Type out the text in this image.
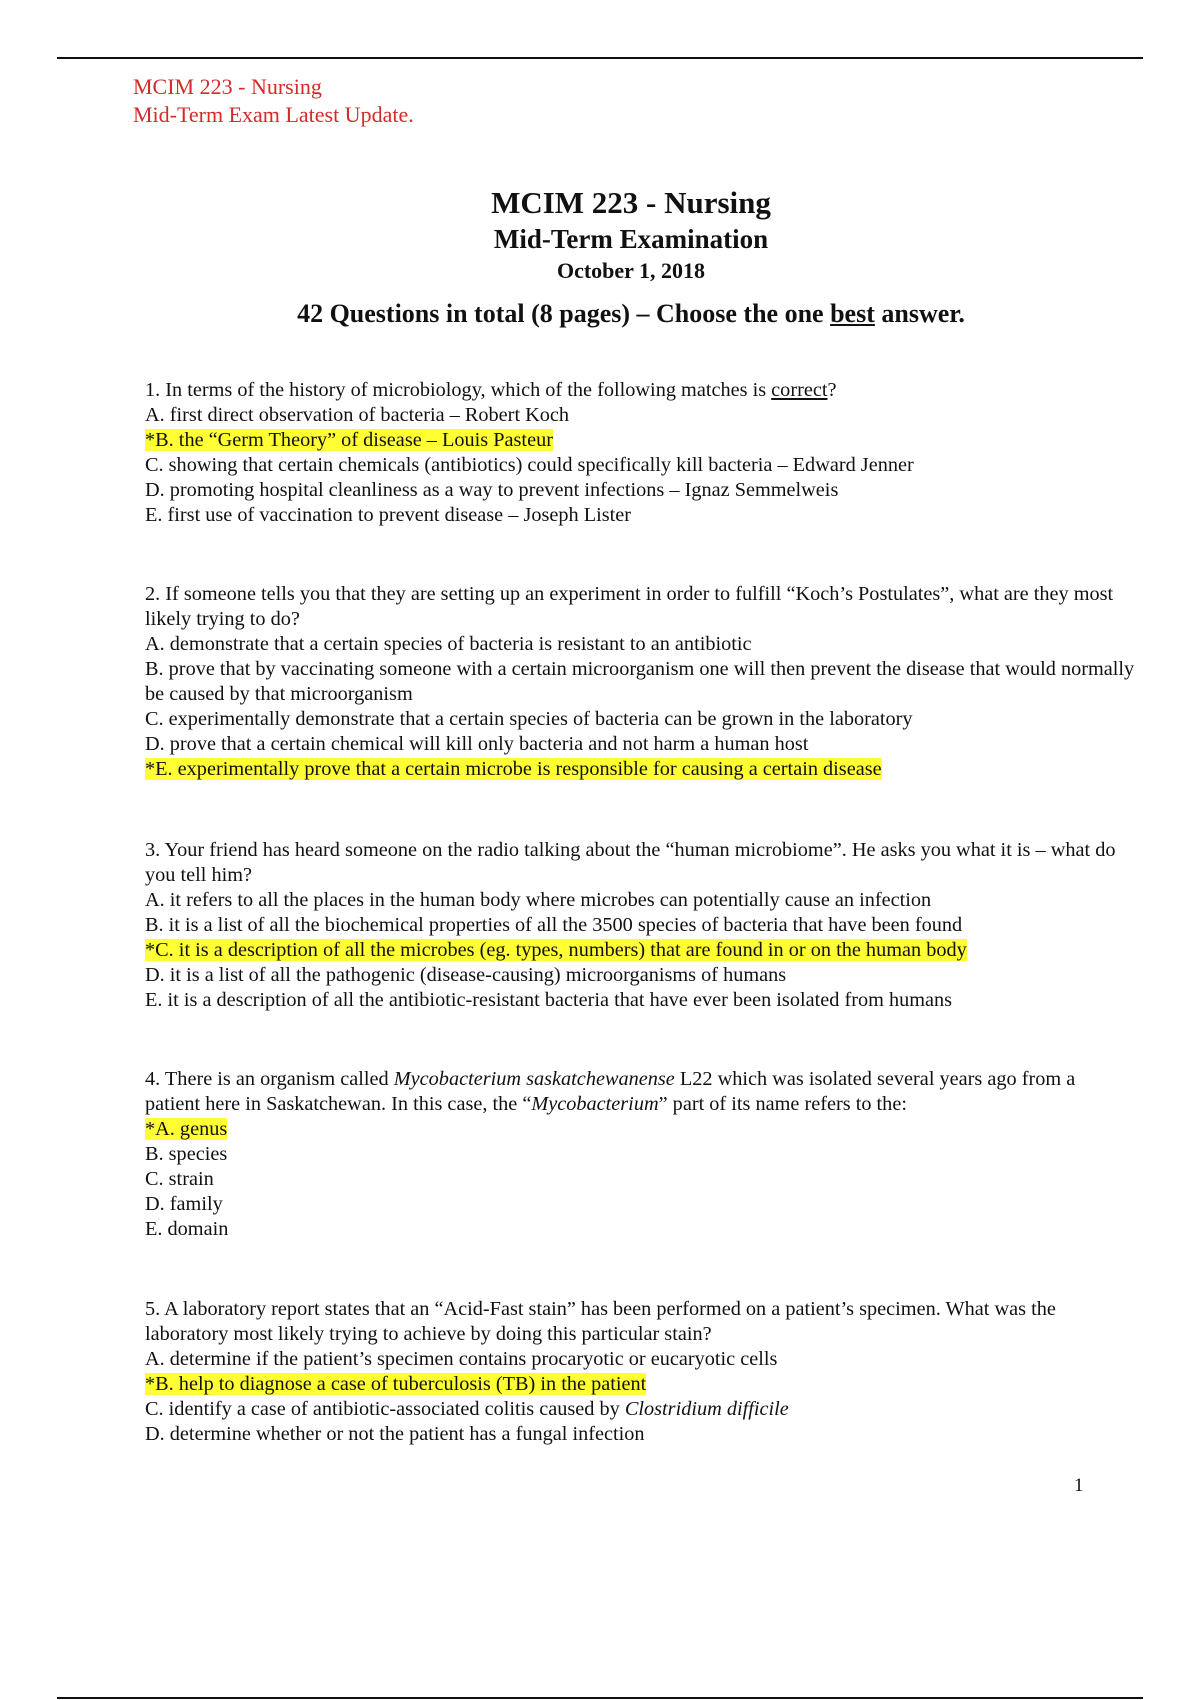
MCIM 223 - Nursing
Mid-Term Exam Latest Update.
MCIM 223 - Nursing
Mid-Term Examination
October 1, 2018
42 Questions in total (8 pages) – Choose the one best answer.

1. In terms of the history of microbiology, which of the following matches is correct?

A. first direct observation of bacteria – Robert Koch

*B. the “Germ Theory” of disease – Louis Pasteur

C. showing that certain chemicals (antibiotics) could specifically kill bacteria – Edward Jenner

D. promoting hospital cleanliness as a way to prevent infections – Ignaz Semmelweis

E. first use of vaccination to prevent disease – Joseph Lister

2. If someone tells you that they are setting up an experiment in order to fulfill “Koch’s Postulates”, what are they most likely trying to do?

A. demonstrate that a certain species of bacteria is resistant to an antibiotic

B. prove that by vaccinating someone with a certain microorganism one will then prevent the disease that would normally be caused by that microorganism

C. experimentally demonstrate that a certain species of bacteria can be grown in the laboratory

D. prove that a certain chemical will kill only bacteria and not harm a human host

*E. experimentally prove that a certain microbe is responsible for causing a certain disease

3. Your friend has heard someone on the radio talking about the “human microbiome”. He asks you what it is – what do you tell him?

A. it refers to all the places in the human body where microbes can potentially cause an infection

B. it is a list of all the biochemical properties of all the 3500 species of bacteria that have been found

*C. it is a description of all the microbes (eg. types, numbers) that are found in or on the human body

D. it is a list of all the pathogenic (disease-causing) microorganisms of humans

E. it is a description of all the antibiotic-resistant bacteria that have ever been isolated from humans

4. There is an organism called Mycobacterium saskatchewanense L22 which was isolated several years ago from a patient here in Saskatchewan. In this case, the “Mycobacterium” part of its name refers to the:

*A. genus

B. species

C. strain

D. family

E. domain

5. A laboratory report states that an “Acid-Fast stain” has been performed on a patient’s specimen. What was the laboratory most likely trying to achieve by doing this particular stain?

A. determine if the patient’s specimen contains procaryotic or eucaryotic cells

*B. help to diagnose a case of tuberculosis (TB) in the patient

C. identify a case of antibiotic-associated colitis caused by Clostridium difficile

D. determine whether or not the patient has a fungal infection

1
